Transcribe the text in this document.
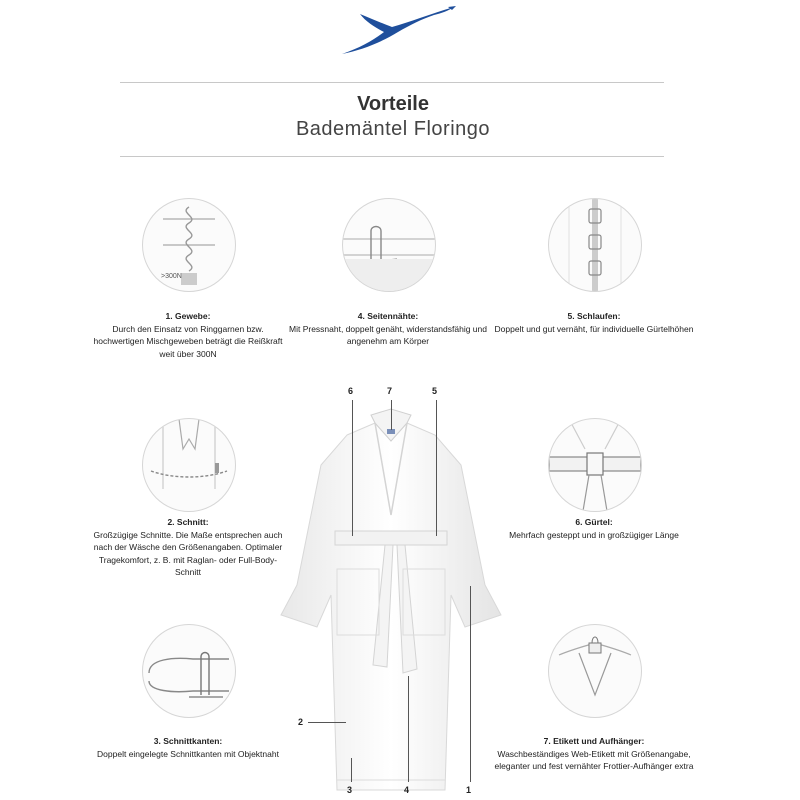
Vorteile
Bademäntel Floringo
>300N
1. Gewebe:
Durch den Einsatz von Ringgarnen bzw. hochwertigen Mischgeweben beträgt die Reißkraft weit über 300N
4. Seitennähte:
Mit Pressnaht, doppelt genäht, widerstandsfähig und angenehm am Körper
5. Schlaufen:
Doppelt und gut vernäht, für individuelle Gürtelhöhen
2. Schnitt:
Großzügige Schnitte. Die Maße entsprechen auch nach der Wäsche den Größenangaben. Optimaler Tragekomfort, z. B. mit Raglan- oder Full-Body-Schnitt
6. Gürtel:
Mehrfach gesteppt und in großzügiger Länge
3. Schnittkanten:
Doppelt eingelegte Schnittkanten mit Objektnaht
7. Etikett und Aufhänger:
Waschbeständiges Web-Etikett mit Größenangabe, eleganter und fest vernähter Frottier-Aufhänger extra
6	7	5
2
3	4	1
